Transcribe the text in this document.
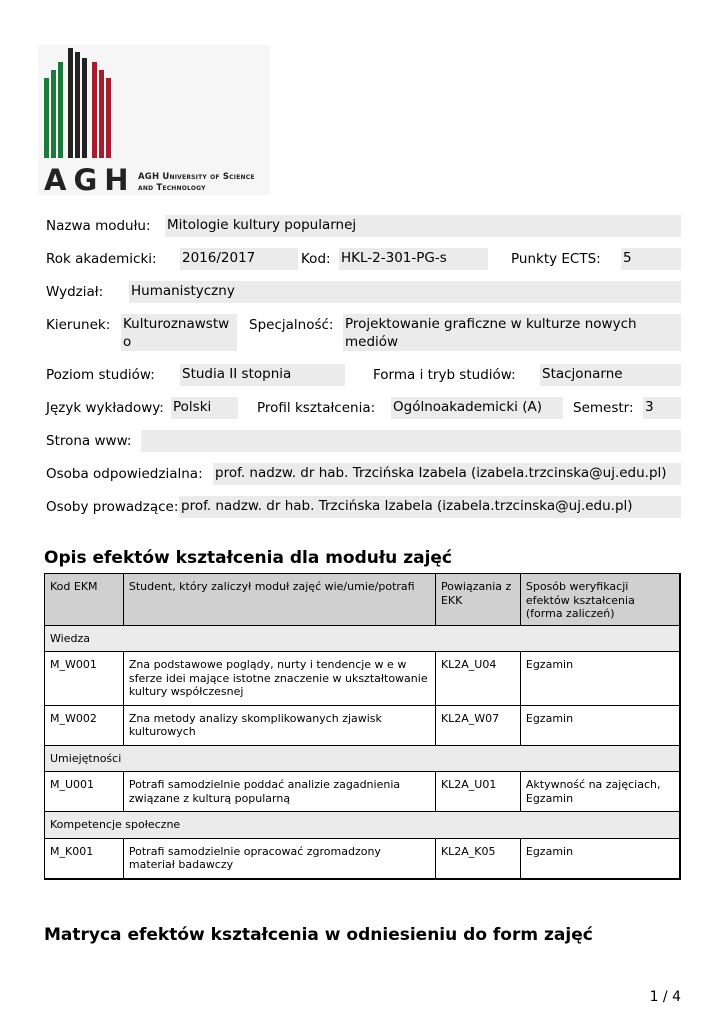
AGH AGH University of Science
and Technology
Nazwa modułu: Mitologie kultury popularnej
Rok akademicki: 2016/2017	Kod: HKL-2-301-PG-s	Punkty ECTS: 5
Wydział: Humanistyczny
Kierunek: Kulturoznawstw
o
Specjalność: Projektowanie graficzne w kulturze nowych
mediów
Poziom studiów: Studia II stopnia	Forma i tryb studiów: Stacjonarne
Język wykładowy: Polski	Profil kształcenia: Ogólnoakademicki (A)	Semestr: 3
Strona www:
Osoba odpowiedzialna: prof. nadzw. dr hab. Trzcińska Izabela (izabela.trzcinska@uj.edu.pl)
Osoby prowadzące: prof. nadzw. dr hab. Trzcińska Izabela (izabela.trzcinska@uj.edu.pl)
Opis efektów kształcenia dla modułu zajęć
Kod EKM	Student, który zaliczył moduł zajęć wie/umie/potrafi	Powiązania z EKK	Sposób weryfikacji efektów kształcenia (forma zaliczeń)
Wiedza			
M_W001	Zna podstawowe poglądy, nurty i tendencje w e w sferze idei mające istotne znaczenie w ukształtowanie kultury współczesnej	KL2A_U04	Egzamin
M_W002	Zna metody analizy skomplikowanych zjawisk kulturowych	KL2A_W07	Egzamin
Umiejętności			
M_U001	Potrafi samodzielnie poddać analizie zagadnienia związane z kulturą popularną	KL2A_U01	Aktywność na zajęciach, Egzamin
Kompetencje społeczne			
M_K001	Potrafi samodzielnie opracować zgromadzony materiał badawczy	KL2A_K05	Egzamin
Matryca efektów kształcenia w odniesieniu do form zajęć
1 / 4
